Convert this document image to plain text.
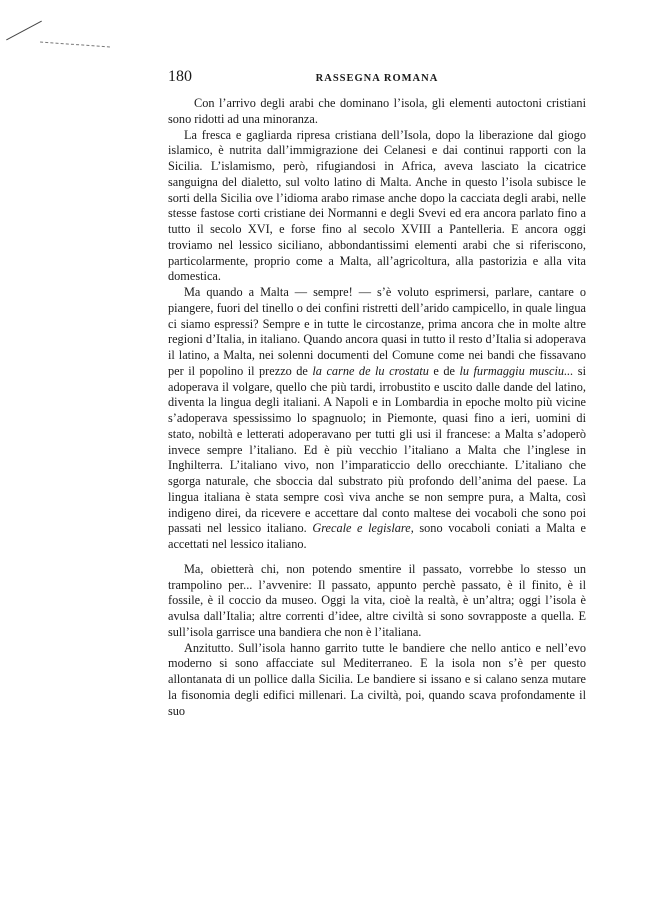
180	RASSEGNA ROMANA

Con l’arrivo degli arabi che dominano l’isola, gli elementi autoctoni cristiani sono ridotti ad una minoranza.

La fresca e gagliarda ripresa cristiana dell’Isola, dopo la liberazione dal giogo islamico, è nutrita dall’immigrazione dei Celanesi e dai continui rapporti con la Sicilia. L’islamismo, però, rifugiandosi in Africa, aveva lasciato la cicatrice sanguigna del dialetto, sul volto latino di Malta. Anche in questo l’isola subisce le sorti della Sicilia ove l’idioma arabo rimase anche dopo la cacciata degli arabi, nelle stesse fastose corti cristiane dei Normanni e degli Svevi ed era ancora parlato fino a tutto il secolo XVI, e forse fino al secolo XVIII a Pantelleria. E ancora oggi troviamo nel lessico siciliano, abbondantissimi elementi arabi che si riferiscono, particolarmente, proprio come a Malta, all’agricoltura, alla pastorizia e alla vita domestica.

Ma quando a Malta — sempre! — s’è voluto esprimersi, parlare, cantare o piangere, fuori del tinello o dei confini ristretti dell’arido campicello, in quale lingua ci siamo espressi? Sempre e in tutte le circostanze, prima ancora che in molte altre regioni d’Italia, in italiano. Quando ancora quasi in tutto il resto d’Italia si adoperava il latino, a Malta, nei solenni documenti del Comune come nei bandi che fissavano per il popolino il prezzo de la carne de lu crostatu e de lu furmaggiu musciu... si adoperava il volgare, quello che più tardi, irrobustito e uscito dalle dande del latino, diventa la lingua degli italiani. A Napoli e in Lombardia in epoche molto più vicine s’adoperava spessissimo lo spagnuolo; in Piemonte, quasi fino a ieri, uomini di stato, nobiltà e letterati adoperavano per tutti gli usi il francese: a Malta s’adoperò invece sempre l’italiano. Ed è più vecchio l’italiano a Malta che l’inglese in Inghilterra. L’italiano vivo, non l’imparaticcio dello orecchiante. L’italiano che sgorga naturale, che sboccia dal substrato più profondo dell’anima del paese. La lingua italiana è stata sempre così viva anche se non sempre pura, a Malta, così indigeno direi, da ricevere e accettare dal conto maltese dei vocaboli che sono poi passati nel lessico italiano. Grecale e legislare, sono vocaboli coniati a Malta e accettati nel lessico italiano.

Ma, obietterà chi, non potendo smentire il passato, vorrebbe lo stesso un trampolino per... l’avvenire: Il passato, appunto perchè passato, è il finito, è il fossile, è il coccio da museo. Oggi la vita, cioè la realtà, è un’altra; oggi l’isola è avulsa dall’Italia; altre correnti d’idee, altre civiltà si sono sovrapposte a quella. E sull’isola garrisce una bandiera che non è l’italiana.

Anzitutto. Sull’isola hanno garrito tutte le bandiere che nello antico e nell’evo moderno si sono affacciate sul Mediterraneo. E la isola non s’è per questo allontanata di un pollice dalla Sicilia. Le bandiere si issano e si calano senza mutare la fisonomia degli edifici millenari. La civiltà, poi, quando scava profondamente il suo
